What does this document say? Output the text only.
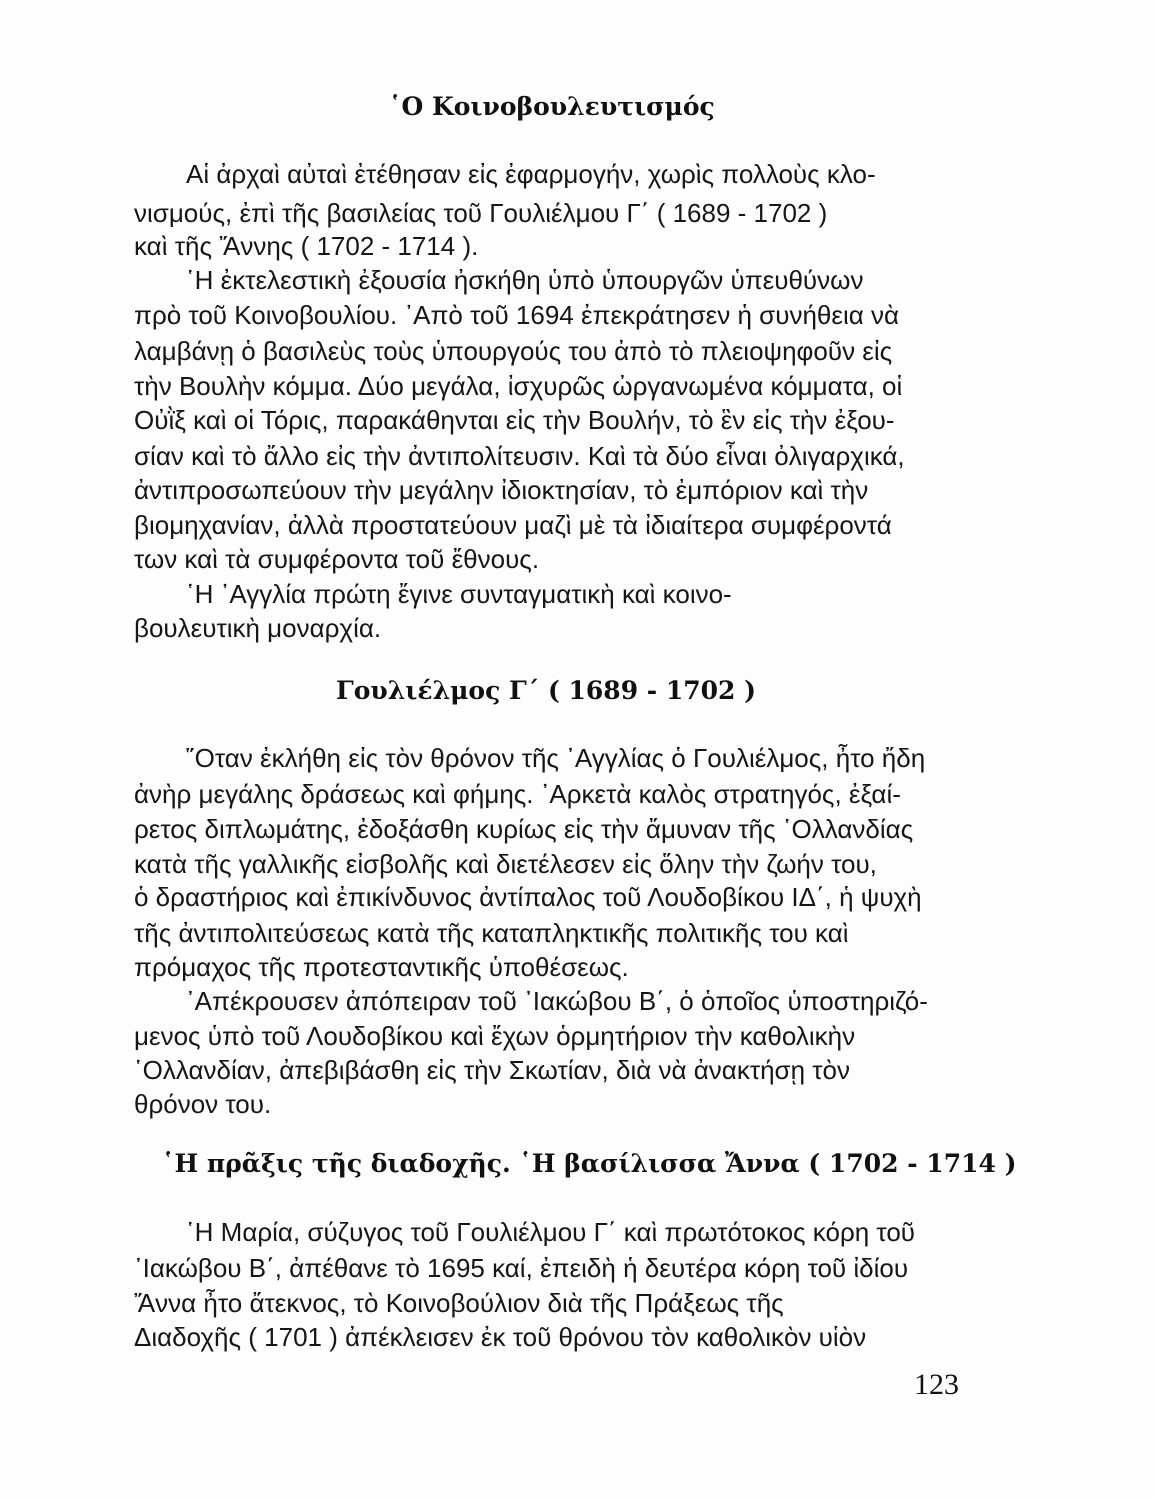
῾Ο Κοινοβουλευτισμός
Αἱ ἀρχαὶ αὐταὶ ἐτέθησαν εἰς ἐφαρμογήν, χωρὶς πολλοὺς κλο-
νισμούς, ἐπὶ τῆς βασιλείας τοῦ Γουλιέλμου Γ΄ ( 1689 - 1702 )
καὶ τῆς Ἄννης ( 1702 - 1714 ).
῾Η ἐκτελεστικὴ ἐξουσία ἠσκήθη ὑπὸ ὑπουργῶν ὑπευθύνων
πρὸ τοῦ Κοινοβουλίου. ᾿Απὸ τοῦ 1694 ἐπεκράτησεν ἡ συνήθεια νὰ
λαμβάνῃ ὁ βασιλεὺς τοὺς ὑπουργούς του ἀπὸ τὸ πλειοψηφοῦν εἰς
τὴν Βουλὴν κόμμα. Δύο μεγάλα, ἰσχυρῶς ὠργανωμένα κόμματα, οἱ
Οὐῒξ καὶ οἱ Τόρις, παρακάθηνται εἰς τὴν Βουλήν, τὸ ἓν εἰς τὴν ἐξου-
σίαν καὶ τὸ ἄλλο εἰς τὴν ἀντιπολίτευσιν. Καὶ τὰ δύο εἶναι ὀλιγαρχικά,
ἀντιπροσωπεύουν τὴν μεγάλην ἰδιοκτησίαν, τὸ ἐμπόριον καὶ τὴν
βιομηχανίαν, ἀλλὰ προστατεύουν μαζὶ μὲ τὰ ἰδιαίτερα συμφέροντά
των καὶ τὰ συμφέροντα τοῦ ἔθνους.
῾Η ᾿Αγγλία πρώτη ἔγινε συνταγματικὴ καὶ κοινο-
βουλευτικὴ μοναρχία.
Γουλιέλμος Γ΄ ( 1689 - 1702 )
῞Οταν ἐκλήθη εἰς τὸν θρόνον τῆς ᾿Αγγλίας ὁ Γουλιέλμος, ἦτο ἤδη
ἀνὴρ μεγάλης δράσεως καὶ φήμης. ᾿Αρκετὰ καλὸς στρατηγός, ἐξαί-
ρετος διπλωμάτης, ἐδοξάσθη κυρίως εἰς τὴν ἄμυναν τῆς ῾Ολλανδίας
κατὰ τῆς γαλλικῆς εἰσβολῆς καὶ διετέλεσεν εἰς ὅλην τὴν ζωήν του,
ὁ δραστήριος καὶ ἐπικίνδυνος ἀντίπαλος τοῦ Λουδοβίκου ΙΔ΄, ἡ ψυχὴ
τῆς ἀντιπολιτεύσεως κατὰ τῆς καταπληκτικῆς πολιτικῆς του καὶ
πρόμαχος τῆς προτεσταντικῆς ὑποθέσεως.
᾿Απέκρουσεν ἀπόπειραν τοῦ ᾿Ιακώβου Β΄, ὁ ὁποῖος ὑποστηριζό-
μενος ὑπὸ τοῦ Λουδοβίκου καὶ ἔχων ὁρμητήριον τὴν καθολικὴν
῾Ολλανδίαν, ἀπεβιβάσθη εἰς τὴν Σκωτίαν, διὰ νὰ ἀνακτήσῃ τὸν
θρόνον του.
῾Η πρᾶξις τῆς διαδοχῆς. ῾Η βασίλισσα Ἄννα ( 1702 - 1714 )
῾Η Μαρία, σύζυγος τοῦ Γουλιέλμου Γ΄ καὶ πρωτότοκος κόρη τοῦ
᾿Ιακώβου Β΄, ἀπέθανε τὸ 1695 καί, ἐπειδὴ ἡ δευτέρα κόρη τοῦ ἰδίου
Ἄννα ἦτο ἄτεκνος, τὸ Κοινοβούλιον διὰ τῆς Πράξεως τῆς
Διαδοχῆς ( 1701 ) ἀπέκλεισεν ἐκ τοῦ θρόνου τὸν καθολικὸν υἱὸν
123
